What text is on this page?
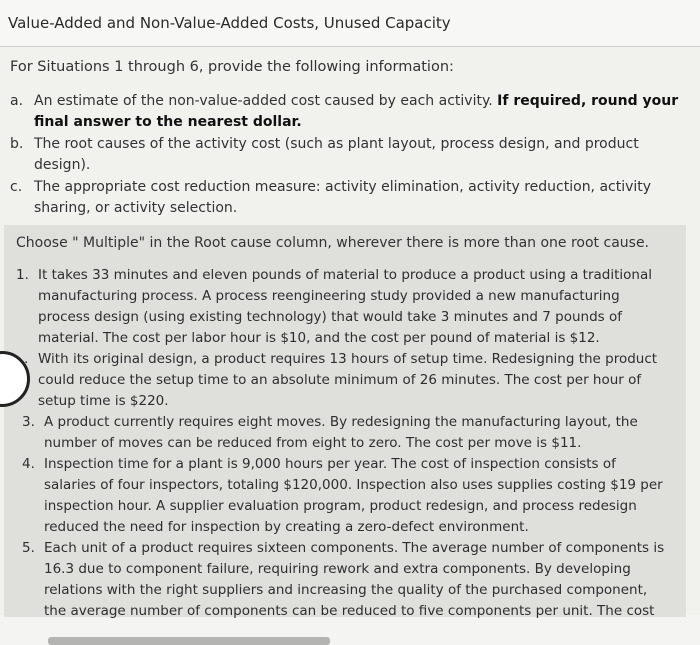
Value-Added and Non-Value-Added Costs, Unused Capacity
For Situations 1 through 6, provide the following information:
a. An estimate of the non-value-added cost caused by each activity. If required, round your final answer to the nearest dollar.
b. The root causes of the activity cost (such as plant layout, process design, and product design).
c. The appropriate cost reduction measure: activity elimination, activity reduction, activity sharing, or activity selection.
Choose " Multiple" in the Root cause column, wherever there is more than one root cause.
1. It takes 33 minutes and eleven pounds of material to produce a product using a traditional manufacturing process. A process reengineering study provided a new manufacturing process design (using existing technology) that would take 3 minutes and 7 pounds of material. The cost per labor hour is $10, and the cost per pound of material is $12.
. With its original design, a product requires 13 hours of setup time. Redesigning the product could reduce the setup time to an absolute minimum of 26 minutes. The cost per hour of setup time is $220.
3. A product currently requires eight moves. By redesigning the manufacturing layout, the number of moves can be reduced from eight to zero. The cost per move is $11.
4. Inspection time for a plant is 9,000 hours per year. The cost of inspection consists of salaries of four inspectors, totaling $120,000. Inspection also uses supplies costing $19 per inspection hour. A supplier evaluation program, product redesign, and process redesign reduced the need for inspection by creating a zero-defect environment.
5. Each unit of a product requires sixteen components. The average number of components is 16.3 due to component failure, requiring rework and extra components. By developing relations with the right suppliers and increasing the quality of the purchased component, the average number of components can be reduced to five components per unit. The cost
